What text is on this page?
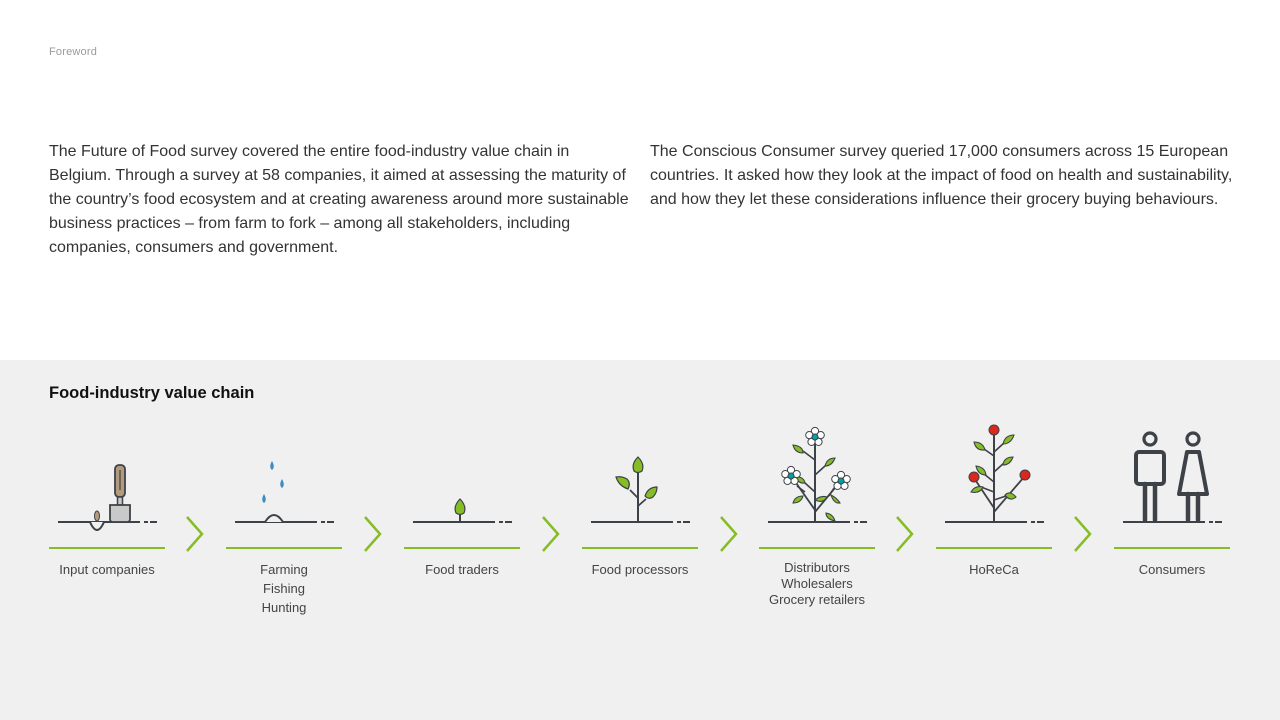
Foreword

The Future of Food survey covered the entire food-industry value chain in Belgium. Through a survey at 58 companies, it aimed at assessing the maturity of the country’s food ecosystem and at creating awareness around more sustainable business practices – from farm to fork – among all stakeholders, including companies, consumers and government.

The Conscious Consumer survey queried 17,000 consumers across 15 European countries. It asked how they look at the impact of food on health and sustainability, and how they let these considerations influence their grocery buying behaviours.

Food-industry value chain
Input companies	Farming
Fishing
Hunting
Food traders	Food processors	Distributors
Wholesalers
Grocery retailers
HoReCa	Consumers
